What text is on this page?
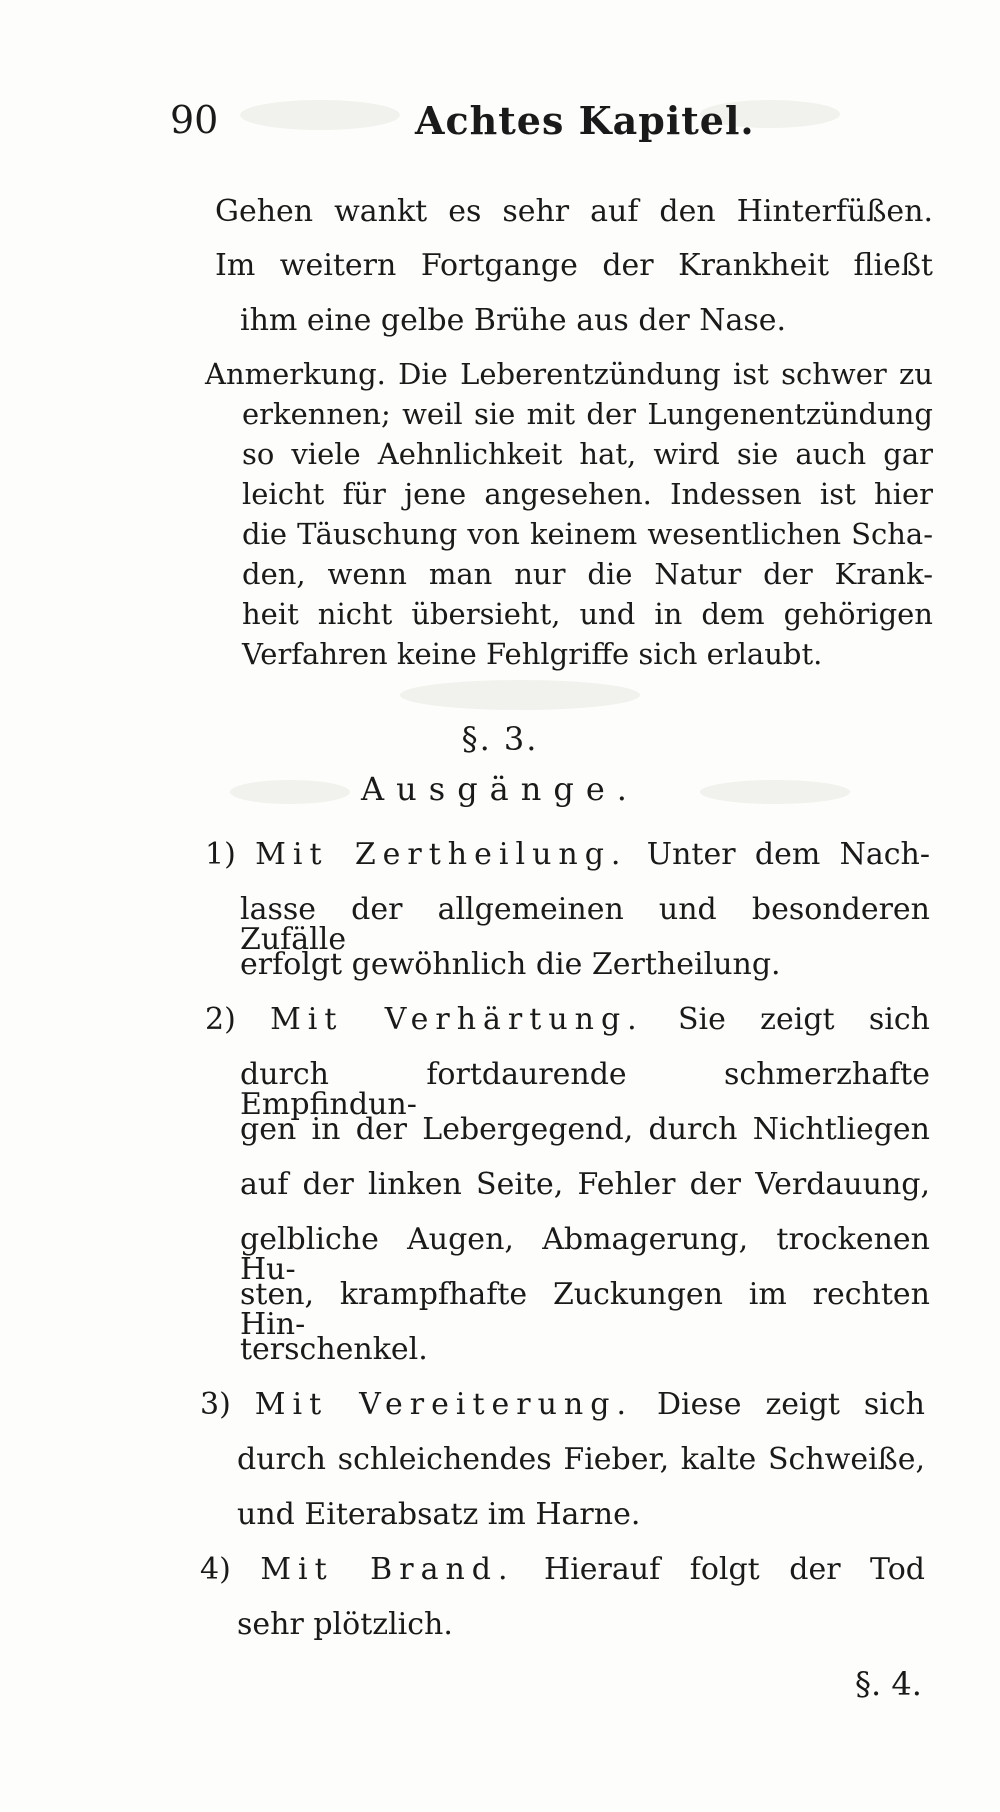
90	Achtes Kapitel.
Gehen wankt es sehr auf den Hinterfüßen.
Im weitern Fortgange der Krankheit fließt
ihm eine gelbe Brühe aus der Nase.
Anmerkung. Die Leberentzündung ist schwer zu
erkennen; weil sie mit der Lungenentzündung
so viele Aehnlichkeit hat, wird sie auch gar
leicht für jene angesehen. Indessen ist hier
die Täuschung von keinem wesentlichen Scha-
den, wenn man nur die Natur der Krank-
heit nicht übersieht, und in dem gehörigen
Verfahren keine Fehlgriffe sich erlaubt.
§. 3.
Ausgänge.
1) Mit Zertheilung. Unter dem Nach-
lasse der allgemeinen und besonderen Zufälle
erfolgt gewöhnlich die Zertheilung.
2) Mit Verhärtung. Sie zeigt sich
durch fortdaurende schmerzhafte Empfindun-
gen in der Lebergegend, durch Nichtliegen
auf der linken Seite, Fehler der Verdauung,
gelbliche Augen, Abmagerung, trockenen Hu-
sten, krampfhafte Zuckungen im rechten Hin-
terschenkel.
3) Mit Vereiterung. Diese zeigt sich
durch schleichendes Fieber, kalte Schweiße,
und Eiterabsatz im Harne.
4) Mit Brand. Hierauf folgt der Tod
sehr plötzlich.
§. 4.
